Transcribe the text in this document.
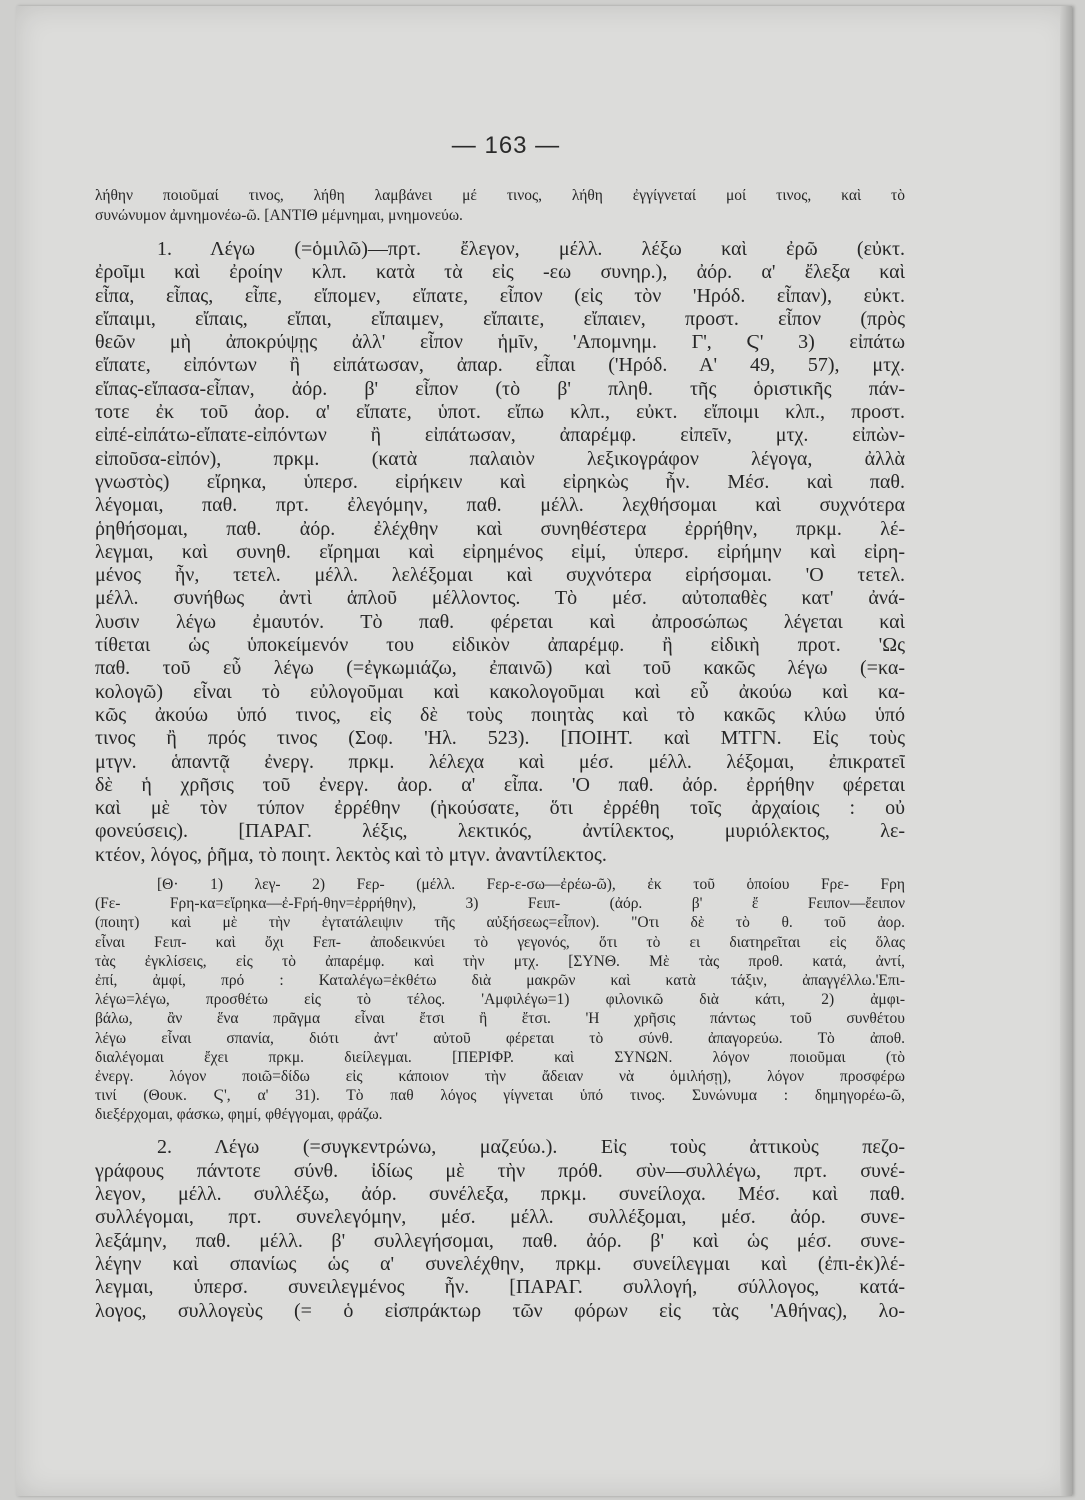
— 163 —
λήθην ποιοῦμαί τινος, λήθη λαμβάνει μέ τινος, λήθη ἐγγίγνεταί μοί τινος, καὶ τὸ
συνώνυμον ἀμνημονέω-ῶ. [ΑΝΤΙΘ μέμνημαι, μνημονεύω.
1. Λέγω (=ὁμιλῶ)—πρτ. ἔλεγον, μέλλ. λέξω καὶ ἐρῶ (εὐκτ.
ἐροῖμι καὶ ἐροίην κλπ. κατὰ τὰ εἰς -εω συνηρ.), ἀόρ. α' ἔλεξα καὶ
εἶπα, εἶπας, εἶπε, εἴπομεν, εἴπατε, εἶπον (εἰς τὸν 'Ηρόδ. εἶπαν), εὐκτ.
εἴπαιμι, εἴπαις, εἴπαι, εἴπαιμεν, εἴπαιτε, εἴπαιεν, προστ. εἶπον (πρὸς
θεῶν μὴ ἀποκρύψῃς ἀλλ' εἶπον ἡμῖν, 'Απομνημ. Γ', Ϛ' 3) εἰπάτω
εἴπατε, εἰπόντων ἢ εἰπάτωσαν, ἀπαρ. εἶπαι ('Ηρόδ. Α' 49, 57), μτχ.
εἴπας-εἴπασα-εἶπαν, ἀόρ. β' εἶπον (τὸ β' πληθ. τῆς ὁριστικῆς πάν-
τοτε ἐκ τοῦ ἀορ. α' εἴπατε, ὑποτ. εἴπω κλπ., εὐκτ. εἴποιμι κλπ., προστ.
εἰπέ-εἰπάτω-εἴπατε-εἰπόντων ἢ εἰπάτωσαν, ἀπαρέμφ. εἰπεῖν, μτχ. εἰπὼν-
εἰποῦσα-εἰπόν), πρκμ. (κατὰ παλαιὸν λεξικογράφον λέγογα, ἀλλὰ
γνωστὸς) εἴρηκα, ὑπερσ. εἰρήκειν καὶ εἰρηκὼς ἦν. Μέσ. καὶ παθ.
λέγομαι, παθ. πρτ. ἐλεγόμην, παθ. μέλλ. λεχθήσομαι καὶ συχνότερα
ῥηθήσομαι, παθ. ἀόρ. ἐλέχθην καὶ συνηθέστερα ἐρρήθην, πρκμ. λέ-
λεγμαι, καὶ συνηθ. εἴρημαι καὶ εἰρημένος εἰμί, ὑπερσ. εἰρήμην καὶ εἰρη-
μένος ἦν, τετελ. μέλλ. λελέξομαι καὶ συχνότερα εἰρήσομαι. 'Ο τετελ.
μέλλ. συνήθως ἀντὶ ἁπλοῦ μέλλοντος. Τὸ μέσ. αὐτοπαθὲς κατ' ἀνά-
λυσιν λέγω ἐμαυτόν. Τὸ παθ. φέρεται καὶ ἀπροσώπως λέγεται καὶ
τίθεται ὡς ὑποκείμενόν του εἰδικὸν ἀπαρέμφ. ἢ εἰδικὴ προτ. 'Ως
παθ. τοῦ εὖ λέγω (=ἐγκωμιάζω, ἐπαινῶ) καὶ τοῦ κακῶς λέγω (=κα-
κολογῶ) εἶναι τὸ εὐλογοῦμαι καὶ κακολογοῦμαι καὶ εὖ ἀκούω καὶ κα-
κῶς ἀκούω ὑπό τινος, εἰς δὲ τοὺς ποιητὰς καὶ τὸ κακῶς κλύω ὑπό
τινος ἢ πρός τινος (Σοφ. 'Ηλ. 523). [ΠΟΙΗΤ. καὶ ΜΤΓΝ. Εἰς τοὺς
μτγν. ἁπαντᾷ ἐνεργ. πρκμ. λέλεχα καὶ μέσ. μέλλ. λέξομαι, ἐπικρατεῖ
δὲ ἡ χρῆσις τοῦ ἐνεργ. ἀορ. α' εἶπα. 'Ο παθ. ἀόρ. ἐρρήθην φέρεται
καὶ μὲ τὸν τύπον ἐρρέθην (ἠκούσατε, ὅτι ἐρρέθη τοῖς ἀρχαίοις : οὐ
φονεύσεις). [ΠΑΡΑΓ. λέξις, λεκτικός, ἀντίλεκτος, μυριόλεκτος, λε-
κτέον, λόγος, ῥῆμα, τὸ ποιητ. λεκτὸς καὶ τὸ μτγν. ἀναντίλεκτος.
[Θ· 1) λεγ- 2) Fερ- (μέλλ. Fερ-ε-σω—ἐρέω-ῶ), ἐκ τοῦ ὁποίου Fρε- Fρη
(Fε- Fρη-κα=εἴρηκα—ἐ-Fρή-θην=ἐρρήθην), 3) Fειπ- (ἀόρ. β' ἔ Fειπον—ἔειπον
(ποιητ) καὶ μὲ τὴν ἐγτατάλειψιν τῆς αὐξήσεως=εἶπον). "Οτι δὲ τὸ θ. τοῦ ἀορ.
εἶναι Fειπ- καὶ ὄχι Fεπ- ἀποδεικνύει τὸ γεγονός, ὅτι τὸ ει διατηρεῖται εἰς ὅλας
τὰς ἐγκλίσεις, εἰς τὸ ἀπαρέμφ. καὶ τὴν μτχ. [ΣΥΝΘ. Μὲ τὰς προθ. κατά, ἀντί,
ἐπί, ἀμφί, πρό : Καταλέγω=ἐκθέτω διὰ μακρῶν καὶ κατὰ τάξιν, ἀπαγγέλλω.'Επι-
λέγω=λέγω, προσθέτω εἰς τὸ τέλος. 'Αμφιλέγω=1) φιλονικῶ διὰ κάτι, 2) ἀμφι-
βάλω, ἂν ἕνα πρᾶγμα εἶναι ἔτσι ἢ ἔτσι. 'Η χρῆσις πάντως τοῦ συνθέτου
λέγω εἶναι σπανία, διότι ἀντ' αὐτοῦ φέρεται τὸ σύνθ. ἀπαγορεύω. Τὸ ἀποθ.
διαλέγομαι ἔχει πρκμ. διείλεγμαι. [ΠΕΡΙΦΡ. καὶ ΣΥΝΩΝ. λόγον ποιοῦμαι (τὸ
ἐνεργ. λόγον ποιῶ=δίδω εἰς κάποιον τὴν ἄδειαν νὰ ὁμιλήσῃ), λόγον προσφέρω
τινί (Θουκ. Ϛ', α' 31). Τὸ παθ λόγος γίγνεται ὑπό τινος. Συνώνυμα : δημηγορέω-ῶ,
διεξέρχομαι, φάσκω, φημί, φθέγγομαι, φράζω.
2. Λέγω (=συγκεντρώνω, μαζεύω.). Εἰς τοὺς ἀττικοὺς πεζο-
γράφους πάντοτε σύνθ. ἰδίως μὲ τὴν πρόθ. σὺν—συλλέγω, πρτ. συνέ-
λεγον, μέλλ. συλλέξω, ἀόρ. συνέλεξα, πρκμ. συνείλοχα. Μέσ. καὶ παθ.
συλλέγομαι, πρτ. συνελεγόμην, μέσ. μέλλ. συλλέξομαι, μέσ. ἀόρ. συνε-
λεξάμην, παθ. μέλλ. β' συλλεγήσομαι, παθ. ἀόρ. β' καὶ ὡς μέσ. συνε-
λέγην καὶ σπανίως ὡς α' συνελέχθην, πρκμ. συνείλεγμαι καὶ (ἐπι-ἐκ)λέ-
λεγμαι, ὑπερσ. συνειλεγμένος ἦν. [ΠΑΡΑΓ. συλλογή, σύλλογος, κατά-
λογος, συλλογεὺς (= ὁ εἰσπράκτωρ τῶν φόρων εἰς τὰς 'Αθήνας), λο-
